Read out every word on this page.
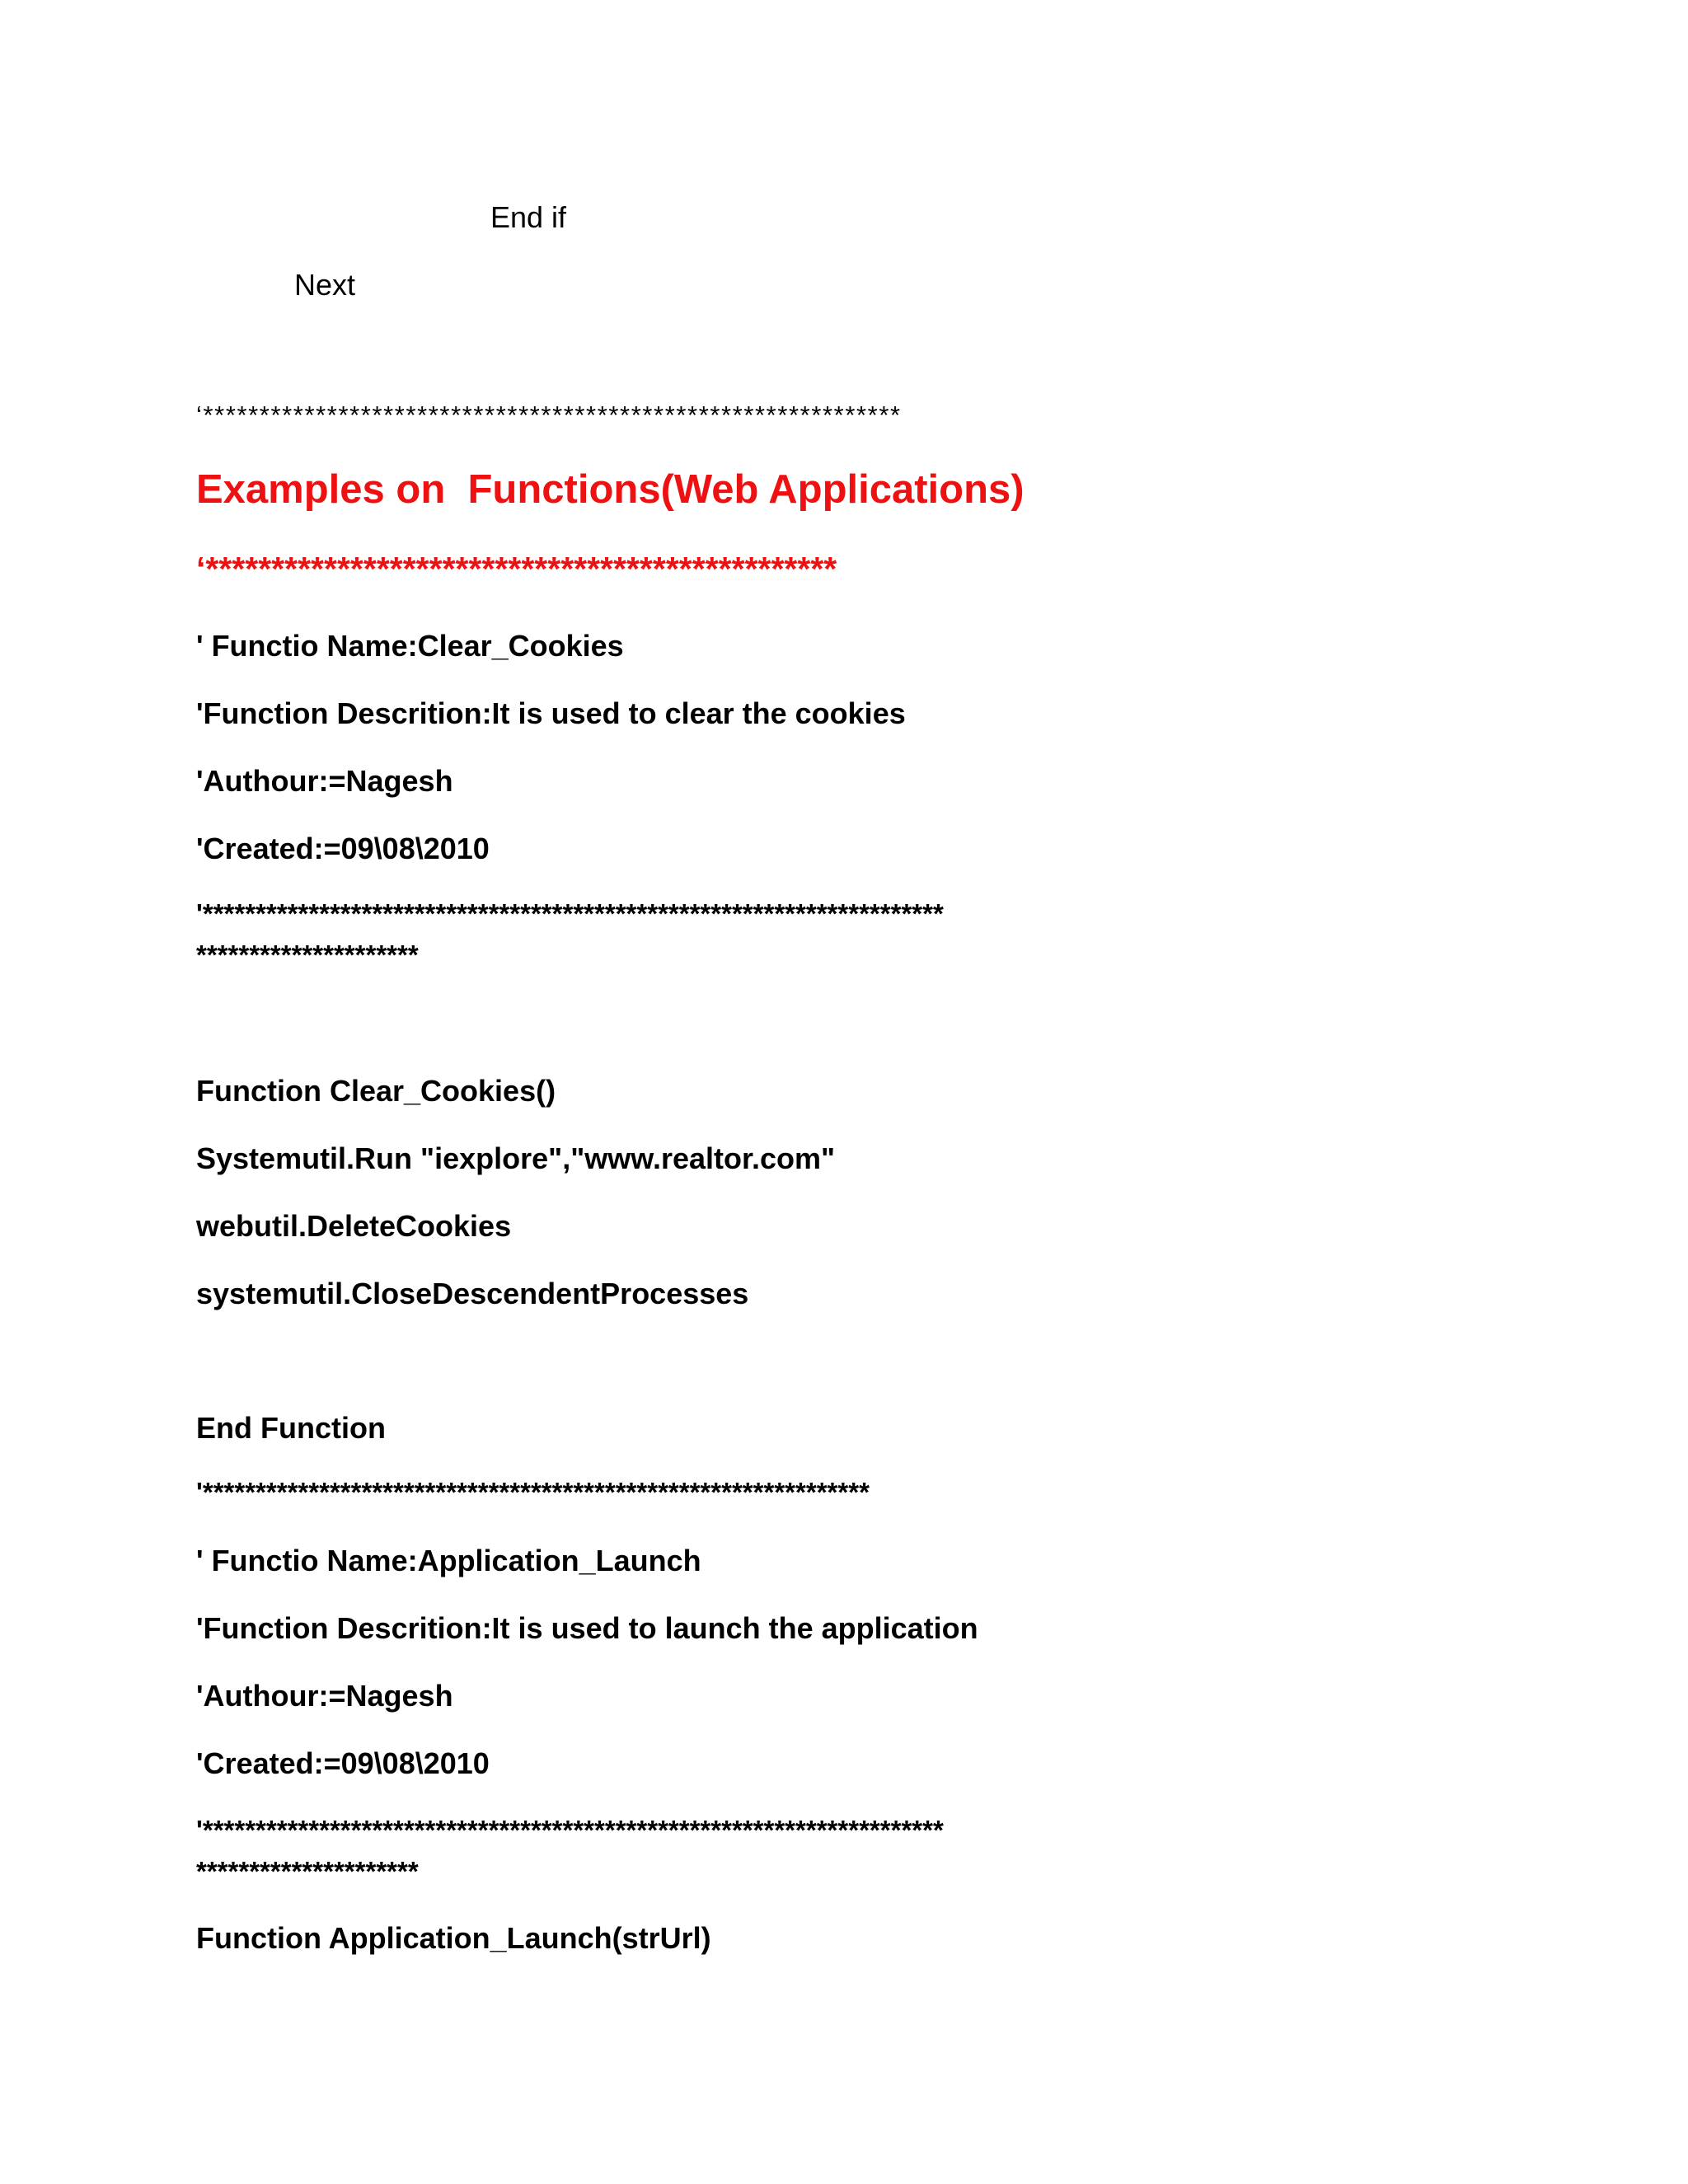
End if

Next

‘**************************************************************

Examples on  Functions(Web Applications)

‘************************************************

' Functio Name:Clear_Cookies

'Function Descrition:It is used to clear the cookies

'Authour:=Nagesh

'Created:=09\08\2010

'**********************************************************************

*********************

Function Clear_Cookies()

Systemutil.Run "iexplore","www.realtor.com"

webutil.DeleteCookies

systemutil.CloseDescendentProcesses

End Function

'***************************************************************

' Functio Name:Application_Launch

'Function Descrition:It is used to launch the application

'Authour:=Nagesh

'Created:=09\08\2010

'**********************************************************************

*********************

Function Application_Launch(strUrl)
